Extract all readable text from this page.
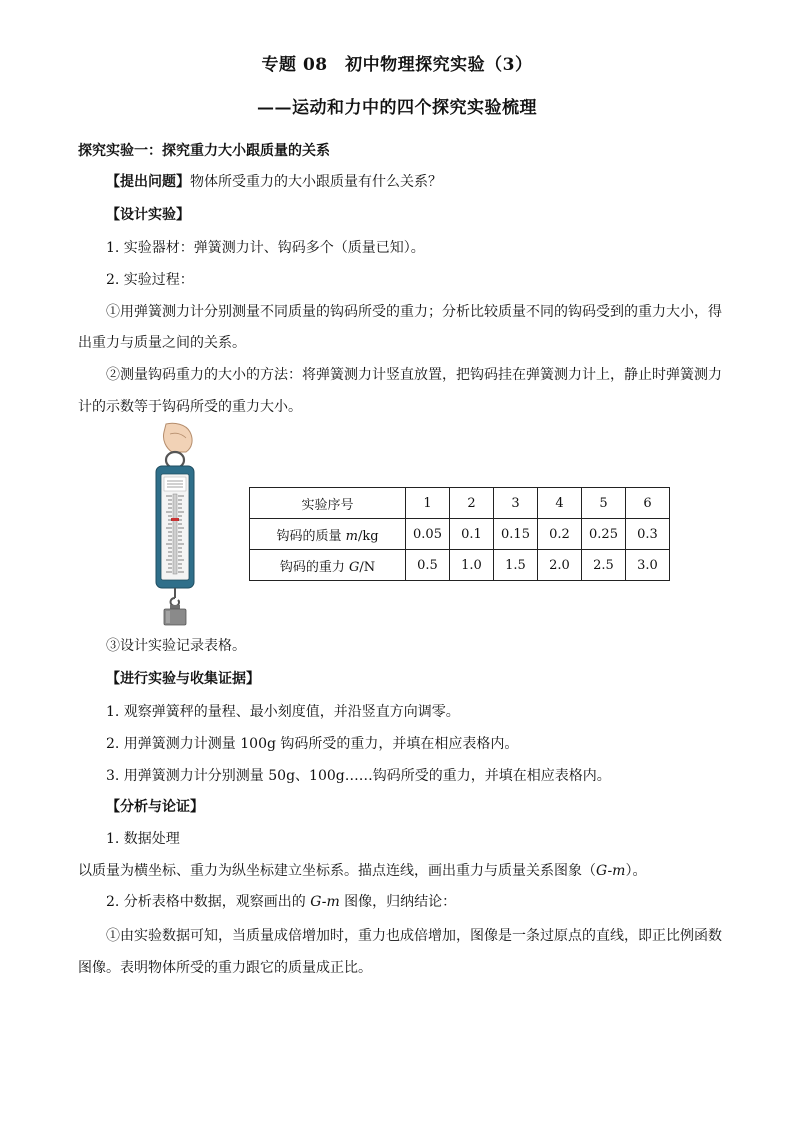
专题 08　初中物理探究实验（3）
——运动和力中的四个探究实验梳理
探究实验一：探究重力大小跟质量的关系
【提出问题】物体所受重力的大小跟质量有什么关系？
【设计实验】
1. 实验器材：弹簧测力计、钩码多个（质量已知）。
2. 实验过程：
①用弹簧测力计分别测量不同质量的钩码所受的重力；分析比较质量不同的钩码受到的重力大小，得
出重力与质量之间的关系。
②测量钩码重力的大小的方法：将弹簧测力计竖直放置，把钩码挂在弹簧测力计上，静止时弹簧测力
计的示数等于钩码所受的重力大小。
实验序号	1	2	3	4	5	6
钩码的质量 m/kg	0.05	0.1	0.15	0.2	0.25	0.3
钩码的重力 G/N	0.5	1.0	1.5	2.0	2.5	3.0
③设计实验记录表格。
【进行实验与收集证据】
1. 观察弹簧秤的量程、最小刻度值，并沿竖直方向调零。
2. 用弹簧测力计测量 100g 钩码所受的重力，并填在相应表格内。
3. 用弹簧测力计分别测量 50g、100g……钩码所受的重力，并填在相应表格内。
【分析与论证】
1. 数据处理
以质量为横坐标、重力为纵坐标建立坐标系。描点连线，画出重力与质量关系图象（G-m）。
2. 分析表格中数据，观察画出的 G-m 图像，归纳结论：
①由实验数据可知，当质量成倍增加时，重力也成倍增加，图像是一条过原点的直线，即正比例函数
图像。表明物体所受的重力跟它的质量成正比。
